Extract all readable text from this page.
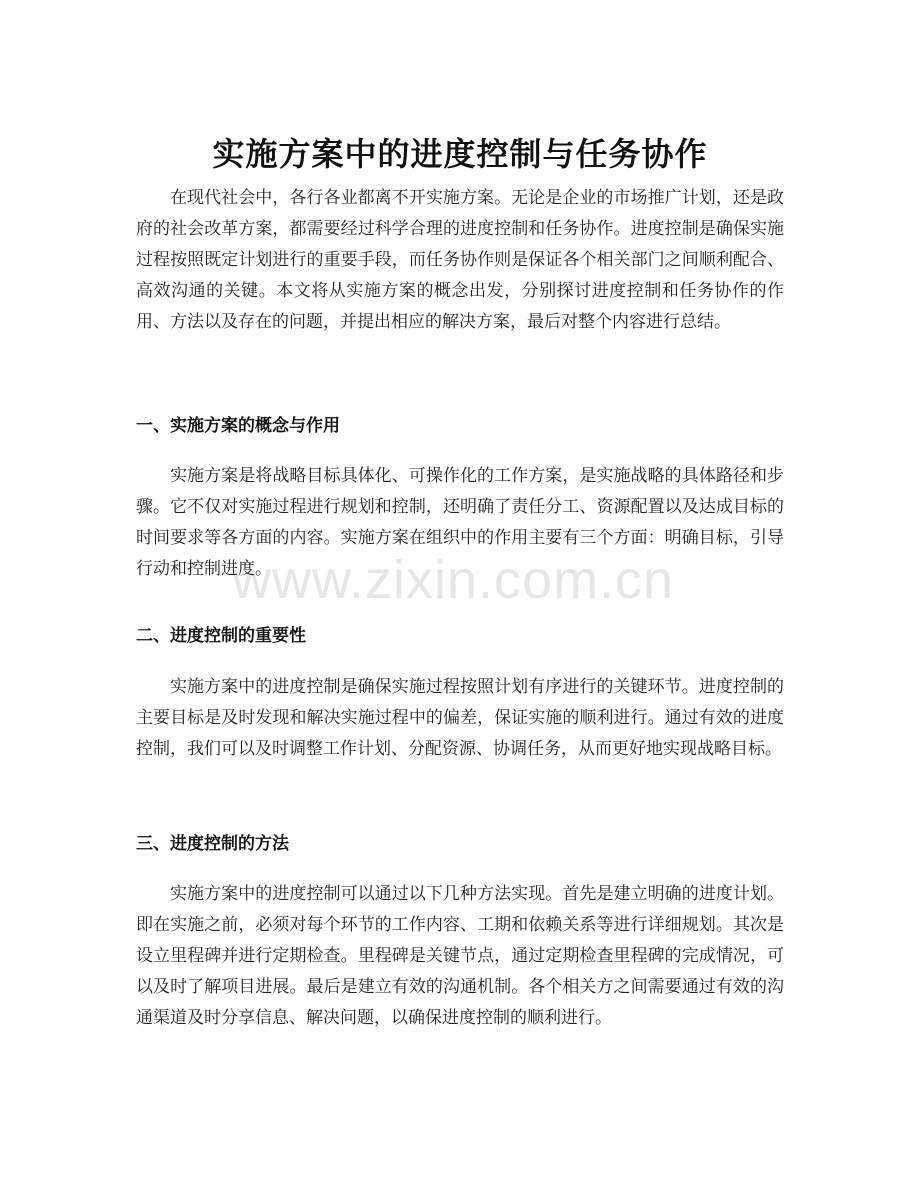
www.zixin.com.cn
实施方案中的进度控制与任务协作

在现代社会中，各行各业都离不开实施方案。无论是企业的市场推广计划，还是政府的社会改革方案，都需要经过科学合理的进度控制和任务协作。进度控制是确保实施过程按照既定计划进行的重要手段，而任务协作则是保证各个相关部门之间顺利配合、高效沟通的关键。本文将从实施方案的概念出发，分别探讨进度控制和任务协作的作用、方法以及存在的问题，并提出相应的解决方案，最后对整个内容进行总结。

一、实施方案的概念与作用

实施方案是将战略目标具体化、可操作化的工作方案，是实施战略的具体路径和步骤。它不仅对实施过程进行规划和控制，还明确了责任分工、资源配置以及达成目标的时间要求等各方面的内容。实施方案在组织中的作用主要有三个方面：明确目标，引导行动和控制进度。

二、进度控制的重要性

实施方案中的进度控制是确保实施过程按照计划有序进行的关键环节。进度控制的主要目标是及时发现和解决实施过程中的偏差，保证实施的顺利进行。通过有效的进度控制，我们可以及时调整工作计划、分配资源、协调任务，从而更好地实现战略目标。

三、进度控制的方法

实施方案中的进度控制可以通过以下几种方法实现。首先是建立明确的进度计划。即在实施之前，必须对每个环节的工作内容、工期和依赖关系等进行详细规划。其次是设立里程碑并进行定期检查。里程碑是关键节点，通过定期检查里程碑的完成情况，可以及时了解项目进展。最后是建立有效的沟通机制。各个相关方之间需要通过有效的沟通渠道及时分享信息、解决问题，以确保进度控制的顺利进行。
